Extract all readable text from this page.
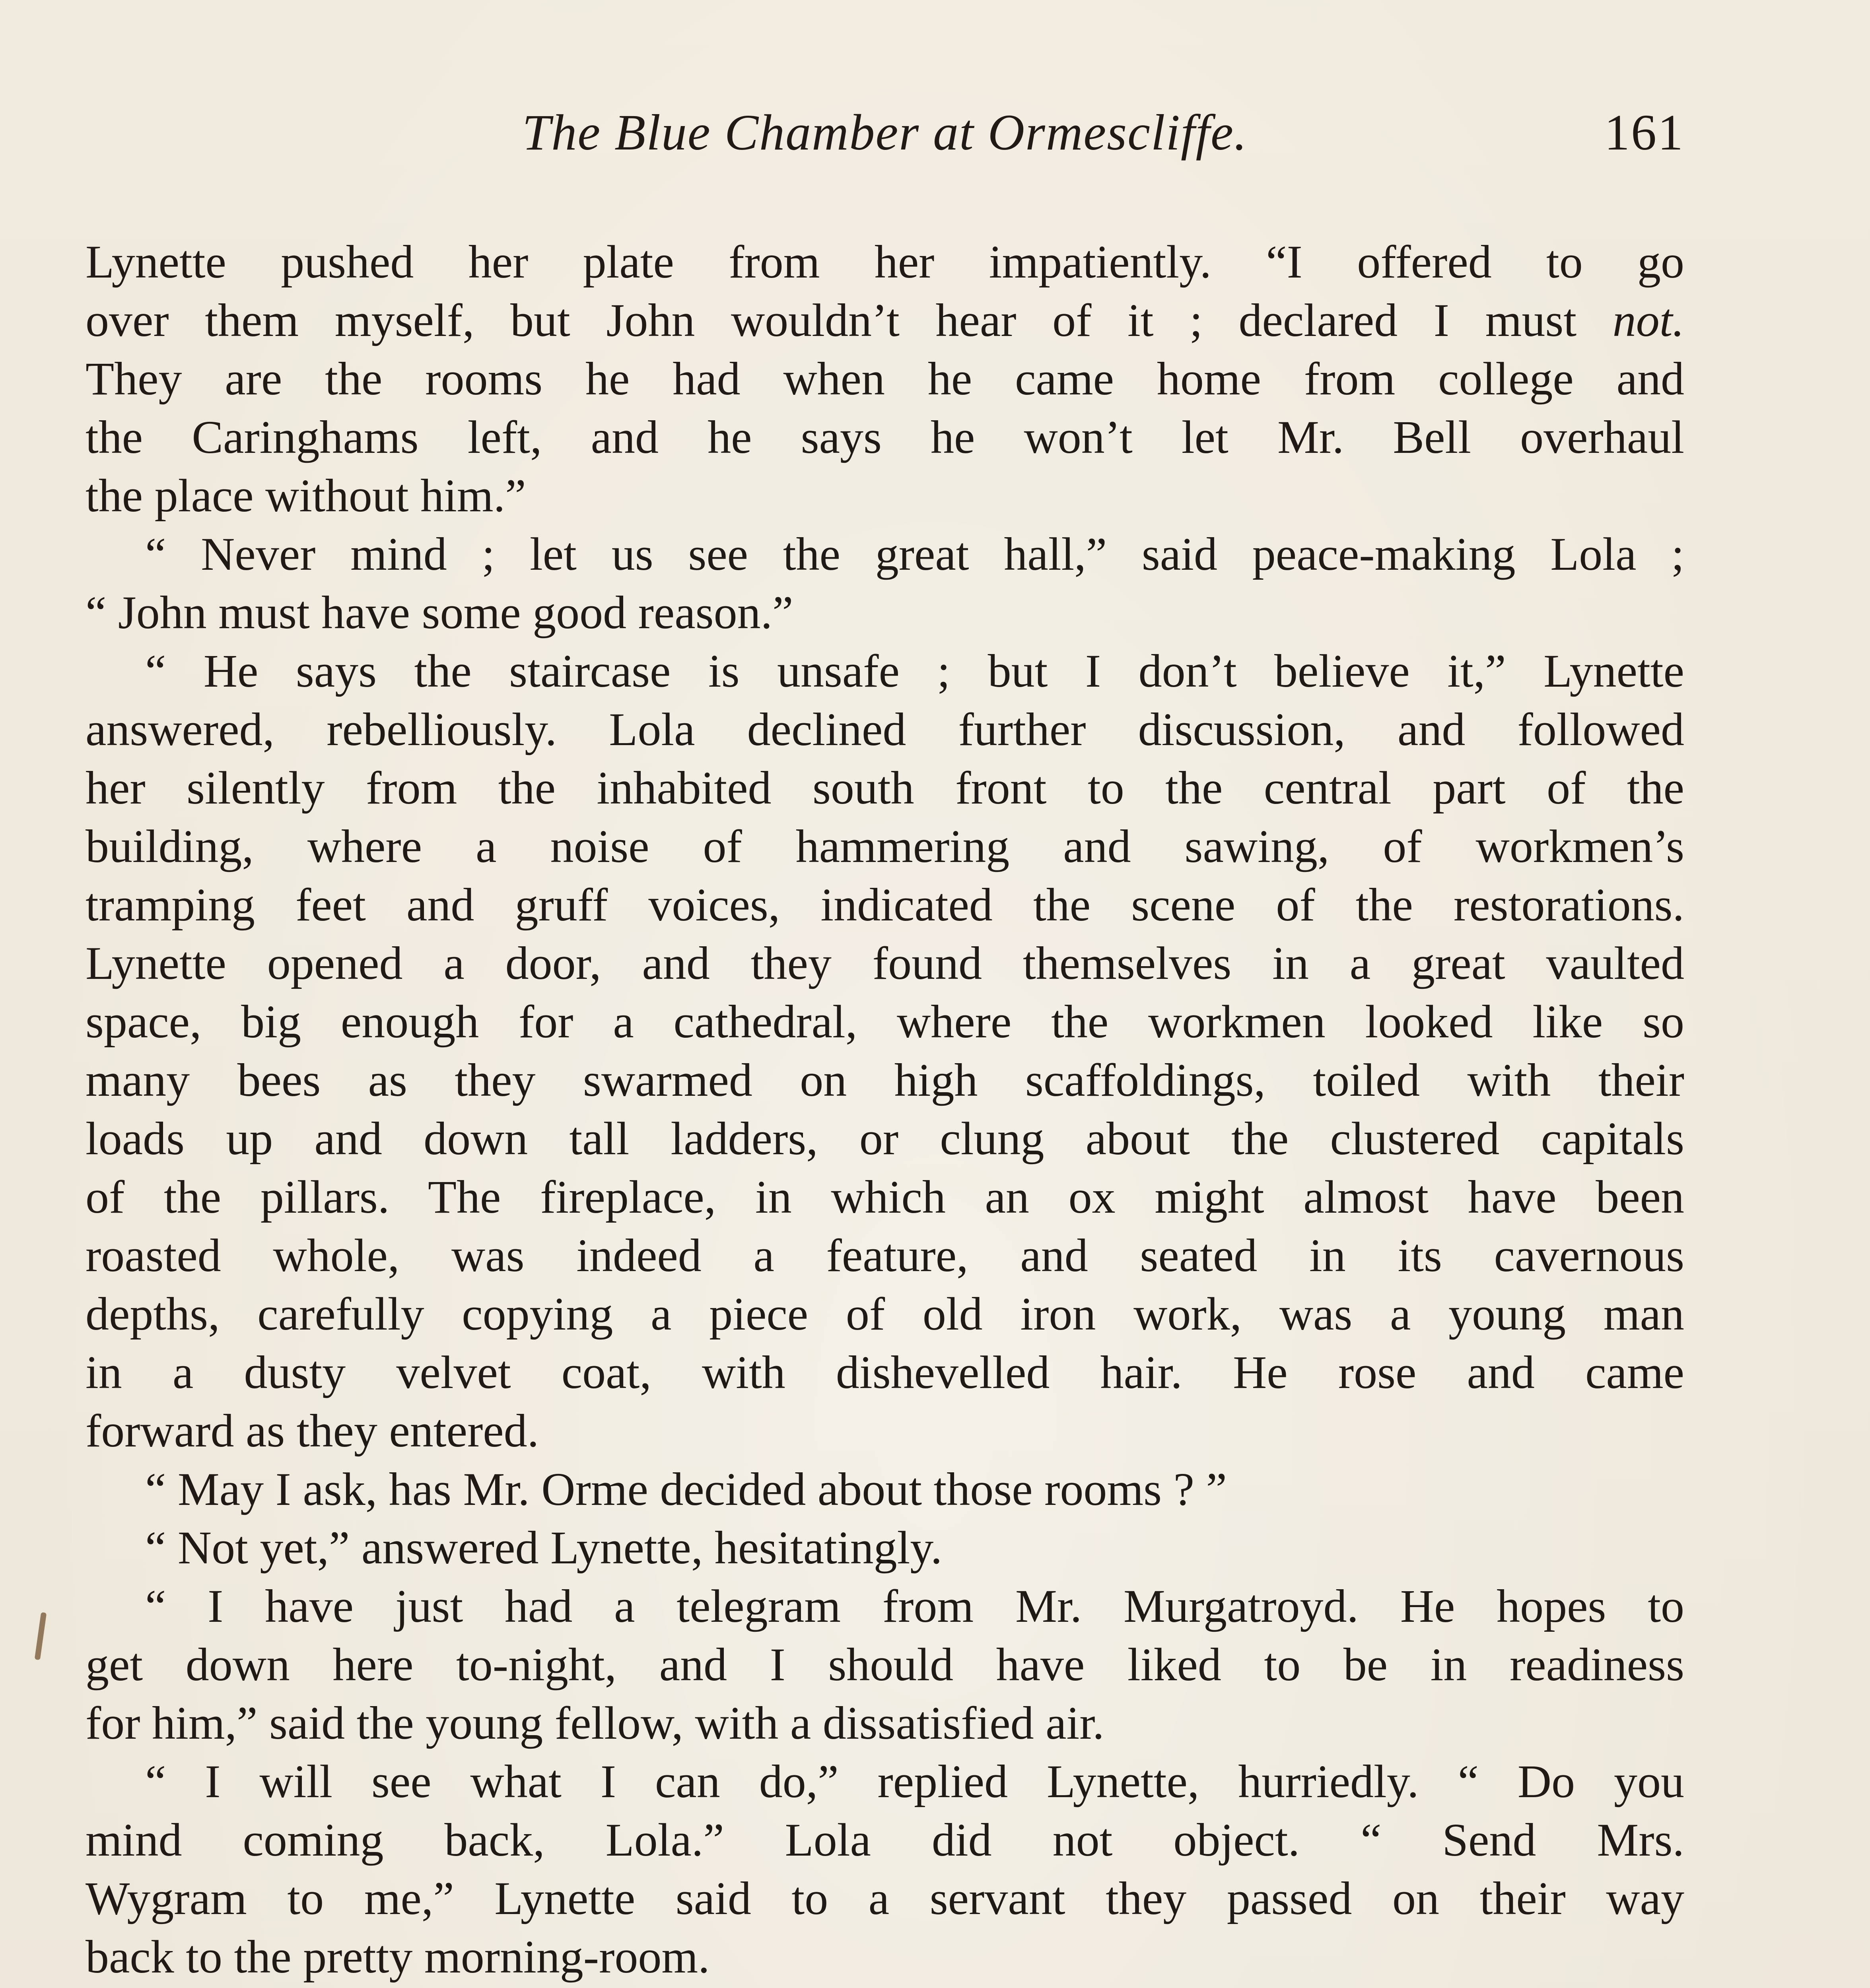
The Blue Chamber at Ormescliffe.	161
Lynette pushed her plate from her impatiently. “I offered to go
over them myself, but John wouldn’t hear of it ; declared I must not.
They are the rooms he had when he came home from college and
the Caringhams left, and he says he won’t let Mr. Bell overhaul
the place without him.”
“ Never mind ; let us see the great hall,” said peace-making Lola ;
“ John must have some good reason.”
“ He says the staircase is unsafe ; but I don’t believe it,” Lynette
answered, rebelliously. Lola declined further discussion, and followed
her silently from the inhabited south front to the central part of the
building, where a noise of hammering and sawing, of workmen’s
tramping feet and gruff voices, indicated the scene of the restorations.
Lynette opened a door, and they found themselves in a great vaulted
space, big enough for a cathedral, where the workmen looked like so
many bees as they swarmed on high scaffoldings, toiled with their
loads up and down tall ladders, or clung about the clustered capitals
of the pillars. The fireplace, in which an ox might almost have been
roasted whole, was indeed a feature, and seated in its cavernous
depths, carefully copying a piece of old iron work, was a young man
in a dusty velvet coat, with dishevelled hair. He rose and came
forward as they entered.
“ May I ask, has Mr. Orme decided about those rooms ? ”
“ Not yet,” answered Lynette, hesitatingly.
“ I have just had a telegram from Mr. Murgatroyd. He hopes to
get down here to-night, and I should have liked to be in readiness
for him,” said the young fellow, with a dissatisfied air.
“ I will see what I can do,” replied Lynette, hurriedly. “ Do you
mind coming back, Lola.” Lola did not object. “ Send Mrs.
Wygram to me,” Lynette said to a servant they passed on their way
back to the pretty morning-room.
